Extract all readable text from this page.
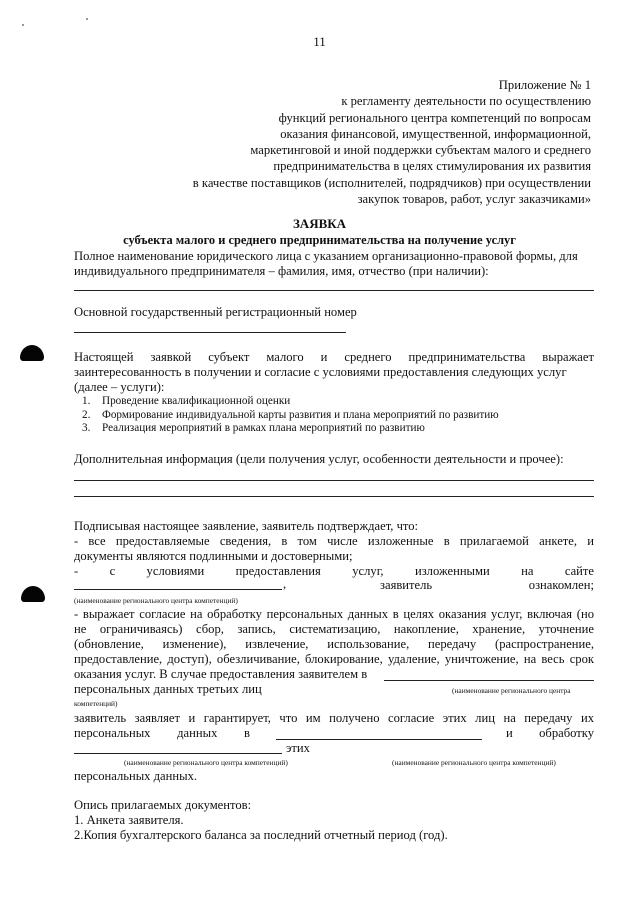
11
Приложение № 1
к регламенту деятельности по осуществлению
функций регионального центра компетенций по вопросам
оказания финансовой, имущественной, информационной,
маркетинговой и иной поддержки субъектам малого и среднего
предпринимательства в целях стимулирования их развития
в качестве поставщиков (исполнителей, подрядчиков) при осуществлении
закупок товаров, работ, услуг заказчиками»
ЗАЯВКА
субъекта малого и среднего предпринимательства на получение услуг
Полное наименование юридического лица с указанием организационно-правовой формы, для
индивидуального предпринимателя – фамилия, имя, отчество (при наличии):
Основной государственный регистрационный номер
Настоящей заявкой субъект малого и среднего предпринимательства выражает
заинтересованность в получении и согласие с условиями предоставления следующих услуг
(далее – услуги):
1.	Проведение квалификационной оценки
2.	Формирование индивидуальной карты развития и плана мероприятий по развитию
3.	Реализация мероприятий в рамках плана мероприятий по развитию
Дополнительная информация (цели получения услуг, особенности деятельности и прочее):
Подписывая настоящее заявление, заявитель подтверждает, что:
- все предоставляемые сведения, в том числе изложенные в прилагаемой анкете, и
документы являются подлинными и достоверными;
- с условиями предоставления услуг, изложенными на сайте
,	заявитель ознакомлен;
(наименование регионального центра компетенций)
- выражает согласие на обработку персональных данных в целях оказания услуг, включая (но
не ограничиваясь) сбор, запись, систематизацию, накопление, хранение, уточнение
(обновление, изменение), извлечение, использование, передачу (распространение,
предоставление, доступ), обезличивание, блокирование, удаление, уничтожение, на весь срок
оказания услуг. В случае предоставления заявителем в
персональных данных третьих лиц	(наименование регионального центра
компетенций)
заявитель заявляет и гарантирует, что им получено согласие этих лиц на передачу их
персональных данных в	и обработку
этих
(наименование регионального центра компетенций)	(наименование регионального центра компетенций)
персональных данных.
Опись прилагаемых документов:
1. Анкета заявителя.
2.Копия бухгалтерского баланса за последний отчетный период (год).
